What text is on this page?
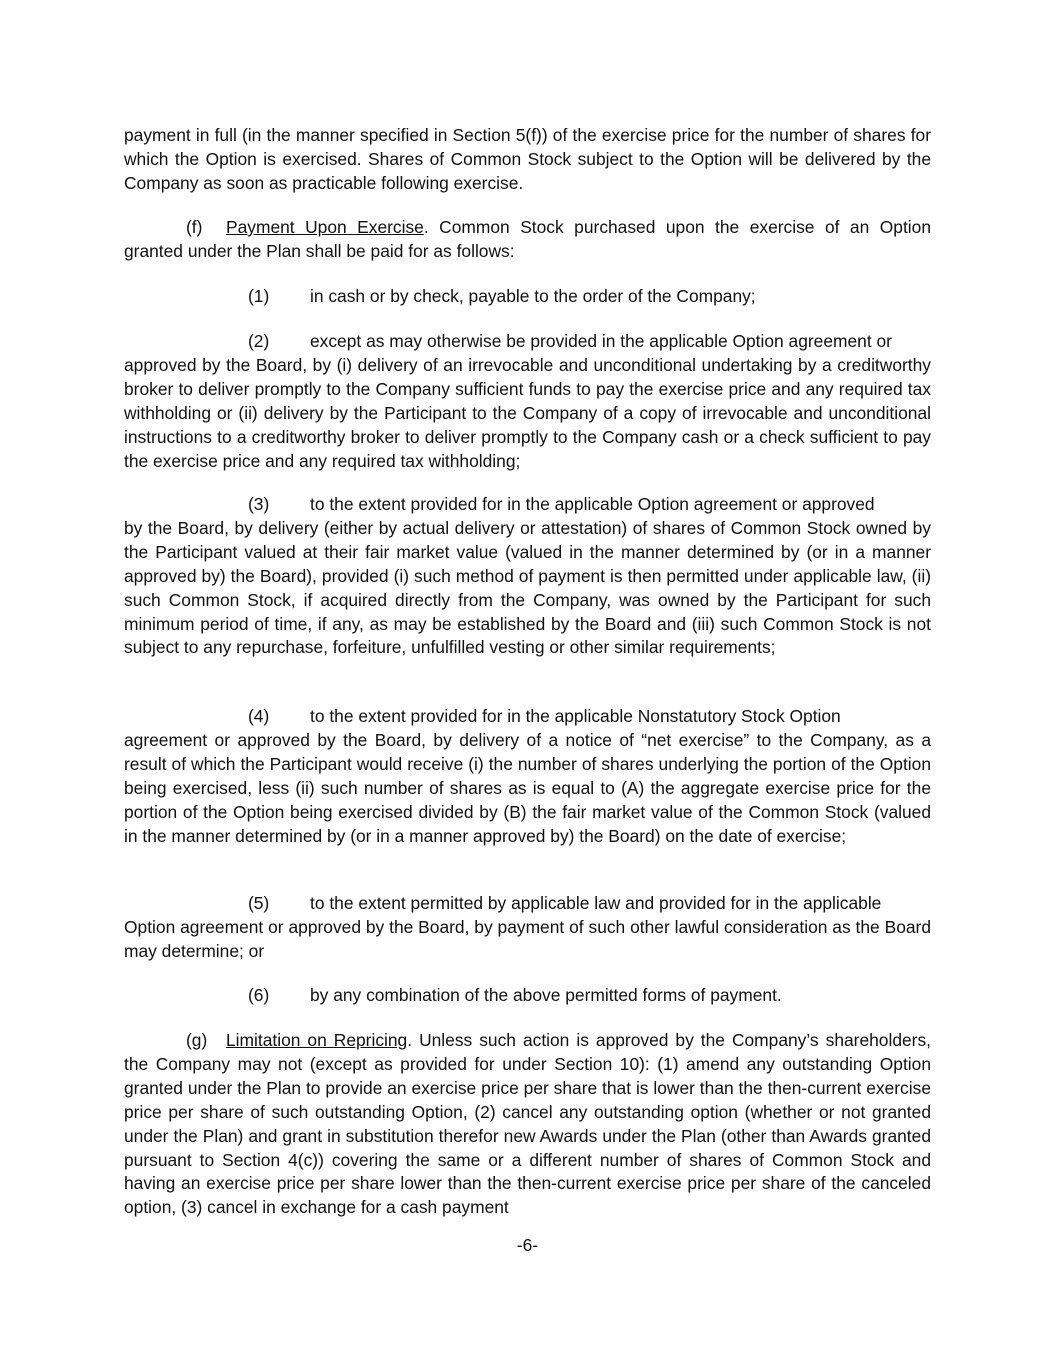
payment in full (in the manner specified in Section 5(f)) of the exercise price for the number of shares for which the Option is exercised. Shares of Common Stock subject to the Option will be delivered by the Company as soon as practicable following exercise.

(f) Payment Upon Exercise. Common Stock purchased upon the exercise of an Option granted under the Plan shall be paid for as follows:

(1) in cash or by check, payable to the order of the Company;

(2) except as may otherwise be provided in the applicable Option agreement or
approved by the Board, by (i) delivery of an irrevocable and unconditional undertaking by a creditworthy broker to deliver promptly to the Company sufficient funds to pay the exercise price and any required tax withholding or (ii) delivery by the Participant to the Company of a copy of irrevocable and unconditional instructions to a creditworthy broker to deliver promptly to the Company cash or a check sufficient to pay the exercise price and any required tax withholding;

(3) to the extent provided for in the applicable Option agreement or approved
by the Board, by delivery (either by actual delivery or attestation) of shares of Common Stock owned by the Participant valued at their fair market value (valued in the manner determined by (or in a manner approved by) the Board), provided (i) such method of payment is then permitted under applicable law, (ii) such Common Stock, if acquired directly from the Company, was owned by the Participant for such minimum period of time, if any, as may be established by the Board and (iii) such Common Stock is not subject to any repurchase, forfeiture, unfulfilled vesting or other similar requirements;

(4) to the extent provided for in the applicable Nonstatutory Stock Option
agreement or approved by the Board, by delivery of a notice of “net exercise” to the Company, as a result of which the Participant would receive (i) the number of shares underlying the portion of the Option being exercised, less (ii) such number of shares as is equal to (A) the aggregate exercise price for the portion of the Option being exercised divided by (B) the fair market value of the Common Stock (valued in the manner determined by (or in a manner approved by) the Board) on the date of exercise;

(5) to the extent permitted by applicable law and provided for in the applicable
Option agreement or approved by the Board, by payment of such other lawful consideration as the Board may determine; or

(6) by any combination of the above permitted forms of payment.

(g) Limitation on Repricing. Unless such action is approved by the Company’s shareholders, the Company may not (except as provided for under Section 10): (1) amend any outstanding Option granted under the Plan to provide an exercise price per share that is lower than the then-current exercise price per share of such outstanding Option, (2) cancel any outstanding option (whether or not granted under the Plan) and grant in substitution therefor new Awards under the Plan (other than Awards granted pursuant to Section 4(c)) covering the same or a different number of shares of Common Stock and having an exercise price per share lower than the then-current exercise price per share of the canceled option, (3) cancel in exchange for a cash payment

-6-
